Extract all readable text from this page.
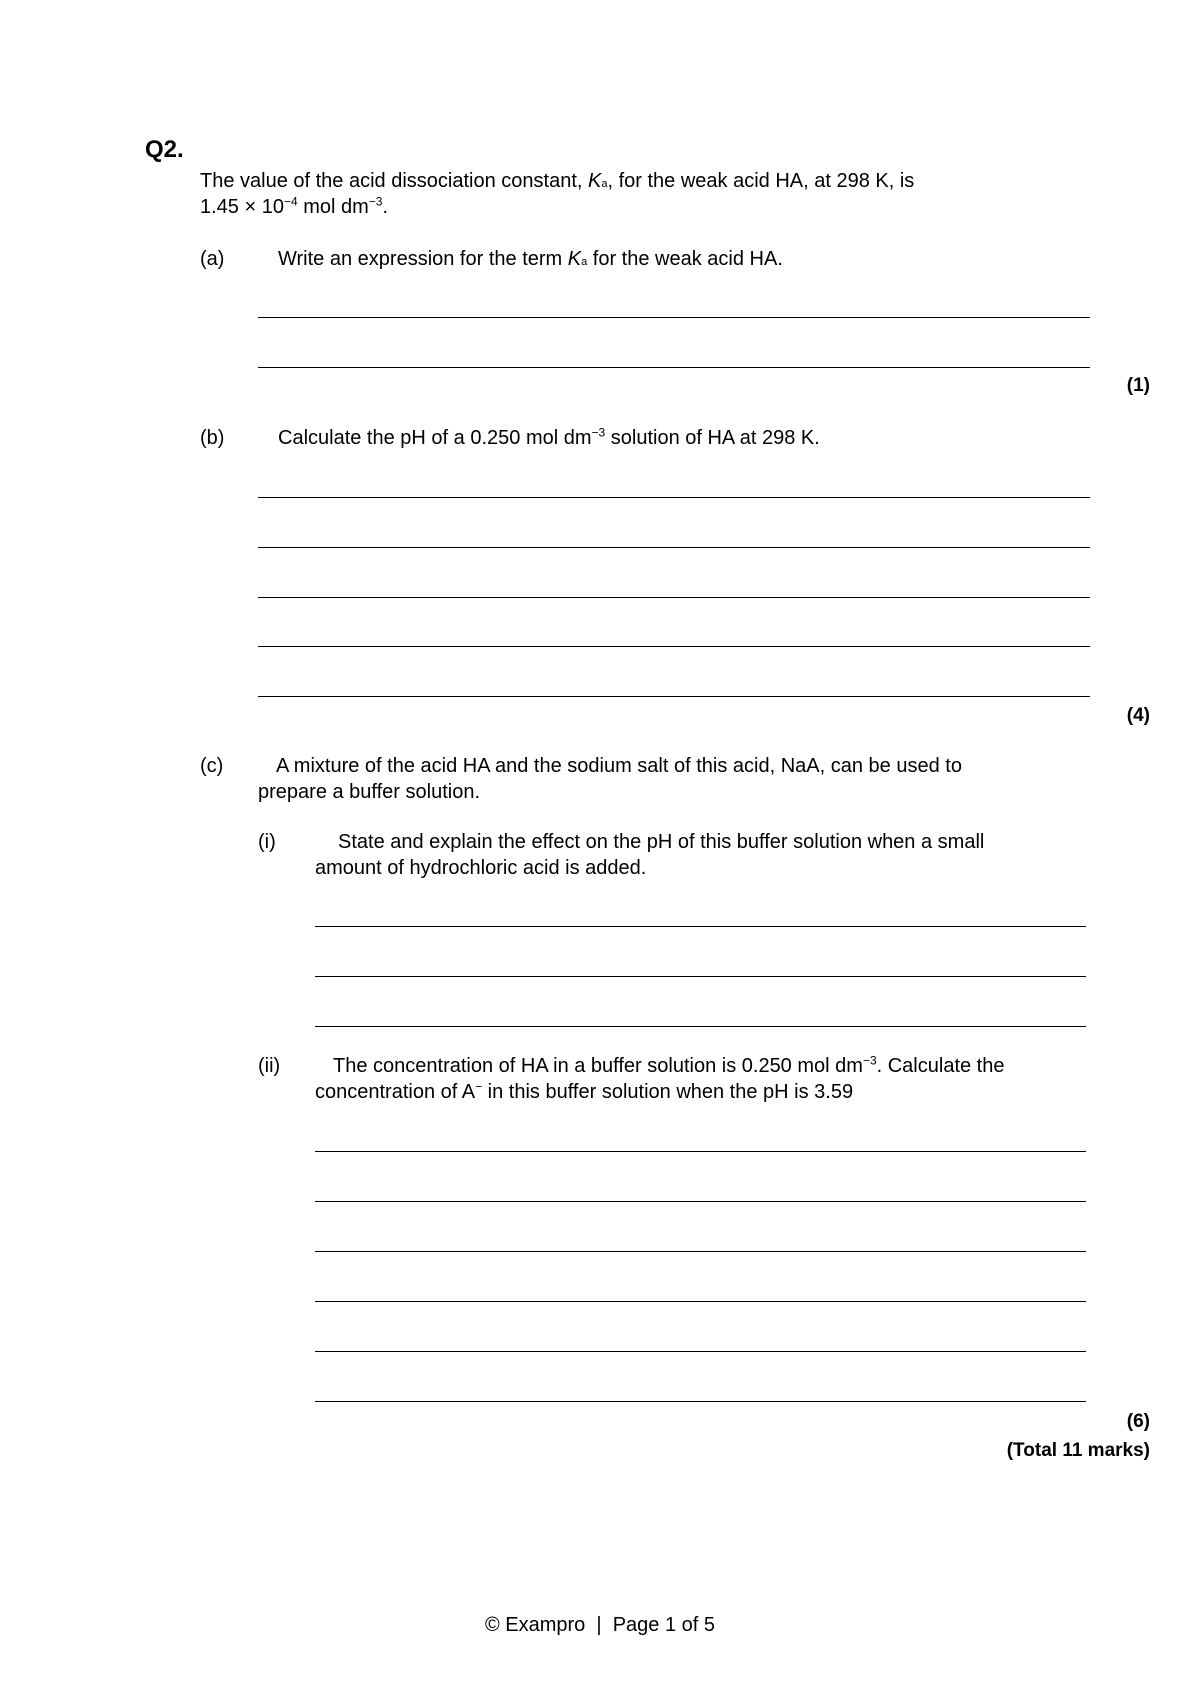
Q2.
The value of the acid dissociation constant, Ka, for the weak acid HA, at 298 K, is
$1.45 \times 10^{-4}$ mol $dm^{-3}$.
(a)	Write an expression for the term Ka for the weak acid HA.
(1)
(b)	Calculate the pH of a 0.250 mol $dm^{-3}$ solution of HA at 298 K.
(4)
(c)	A mixture of the acid HA and the sodium salt of this acid, NaA, can be used to
prepare a buffer solution.
(i)	State and explain the effect on the pH of this buffer solution when a small
amount of hydrochloric acid is added.
(ii)	The concentration of HA in a buffer solution is 0.250 mol $dm^{-3}$. Calculate the
concentration of A− in this buffer solution when the pH is 3.59
(6)
(Total 11 marks)
© Exampro  |  Page 1 of 5
